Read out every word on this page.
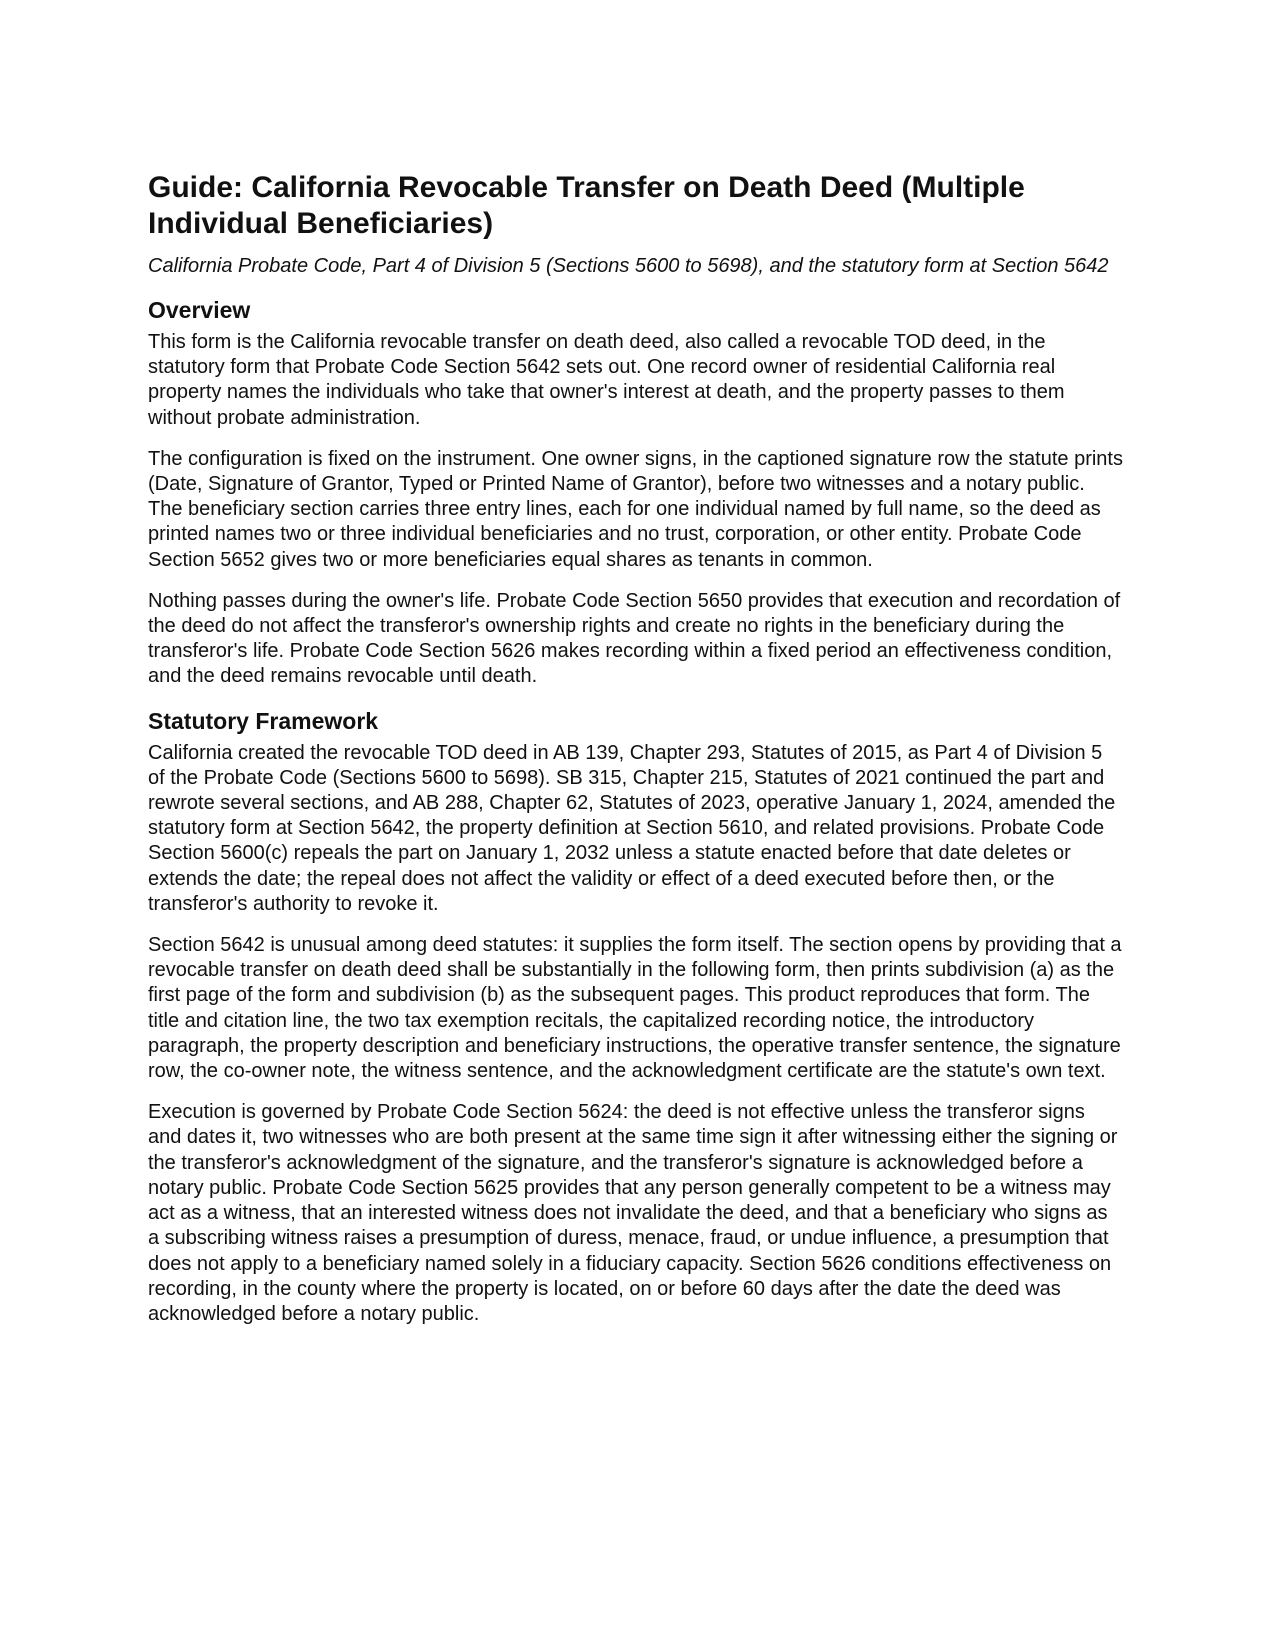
Guide: California Revocable Transfer on Death Deed (Multiple Individual Beneficiaries)

California Probate Code, Part 4 of Division 5 (Sections 5600 to 5698), and the statutory form at Section 5642

Overview

This form is the California revocable transfer on death deed, also called a revocable TOD deed, in the statutory form that Probate Code Section 5642 sets out. One record owner of residential California real property names the individuals who take that owner's interest at death, and the property passes to them without probate administration.

The configuration is fixed on the instrument. One owner signs, in the captioned signature row the statute prints (Date, Signature of Grantor, Typed or Printed Name of Grantor), before two witnesses and a notary public. The beneficiary section carries three entry lines, each for one individual named by full name, so the deed as printed names two or three individual beneficiaries and no trust, corporation, or other entity. Probate Code Section 5652 gives two or more beneficiaries equal shares as tenants in common.

Nothing passes during the owner's life. Probate Code Section 5650 provides that execution and recordation of the deed do not affect the transferor's ownership rights and create no rights in the beneficiary during the transferor's life. Probate Code Section 5626 makes recording within a fixed period an effectiveness condition, and the deed remains revocable until death.

Statutory Framework

California created the revocable TOD deed in AB 139, Chapter 293, Statutes of 2015, as Part 4 of Division 5 of the Probate Code (Sections 5600 to 5698). SB 315, Chapter 215, Statutes of 2021 continued the part and rewrote several sections, and AB 288, Chapter 62, Statutes of 2023, operative January 1, 2024, amended the statutory form at Section 5642, the property definition at Section 5610, and related provisions. Probate Code Section 5600(c) repeals the part on January 1, 2032 unless a statute enacted before that date deletes or extends the date; the repeal does not affect the validity or effect of a deed executed before then, or the transferor's authority to revoke it.

Section 5642 is unusual among deed statutes: it supplies the form itself. The section opens by providing that a revocable transfer on death deed shall be substantially in the following form, then prints subdivision (a) as the first page of the form and subdivision (b) as the subsequent pages. This product reproduces that form. The title and citation line, the two tax exemption recitals, the capitalized recording notice, the introductory paragraph, the property description and beneficiary instructions, the operative transfer sentence, the signature row, the co-owner note, the witness sentence, and the acknowledgment certificate are the statute's own text.

Execution is governed by Probate Code Section 5624: the deed is not effective unless the transferor signs and dates it, two witnesses who are both present at the same time sign it after witnessing either the signing or the transferor's acknowledgment of the signature, and the transferor's signature is acknowledged before a notary public. Probate Code Section 5625 provides that any person generally competent to be a witness may act as a witness, that an interested witness does not invalidate the deed, and that a beneficiary who signs as a subscribing witness raises a presumption of duress, menace, fraud, or undue influence, a presumption that does not apply to a beneficiary named solely in a fiduciary capacity. Section 5626 conditions effectiveness on recording, in the county where the property is located, on or before 60 days after the date the deed was acknowledged before a notary public.
